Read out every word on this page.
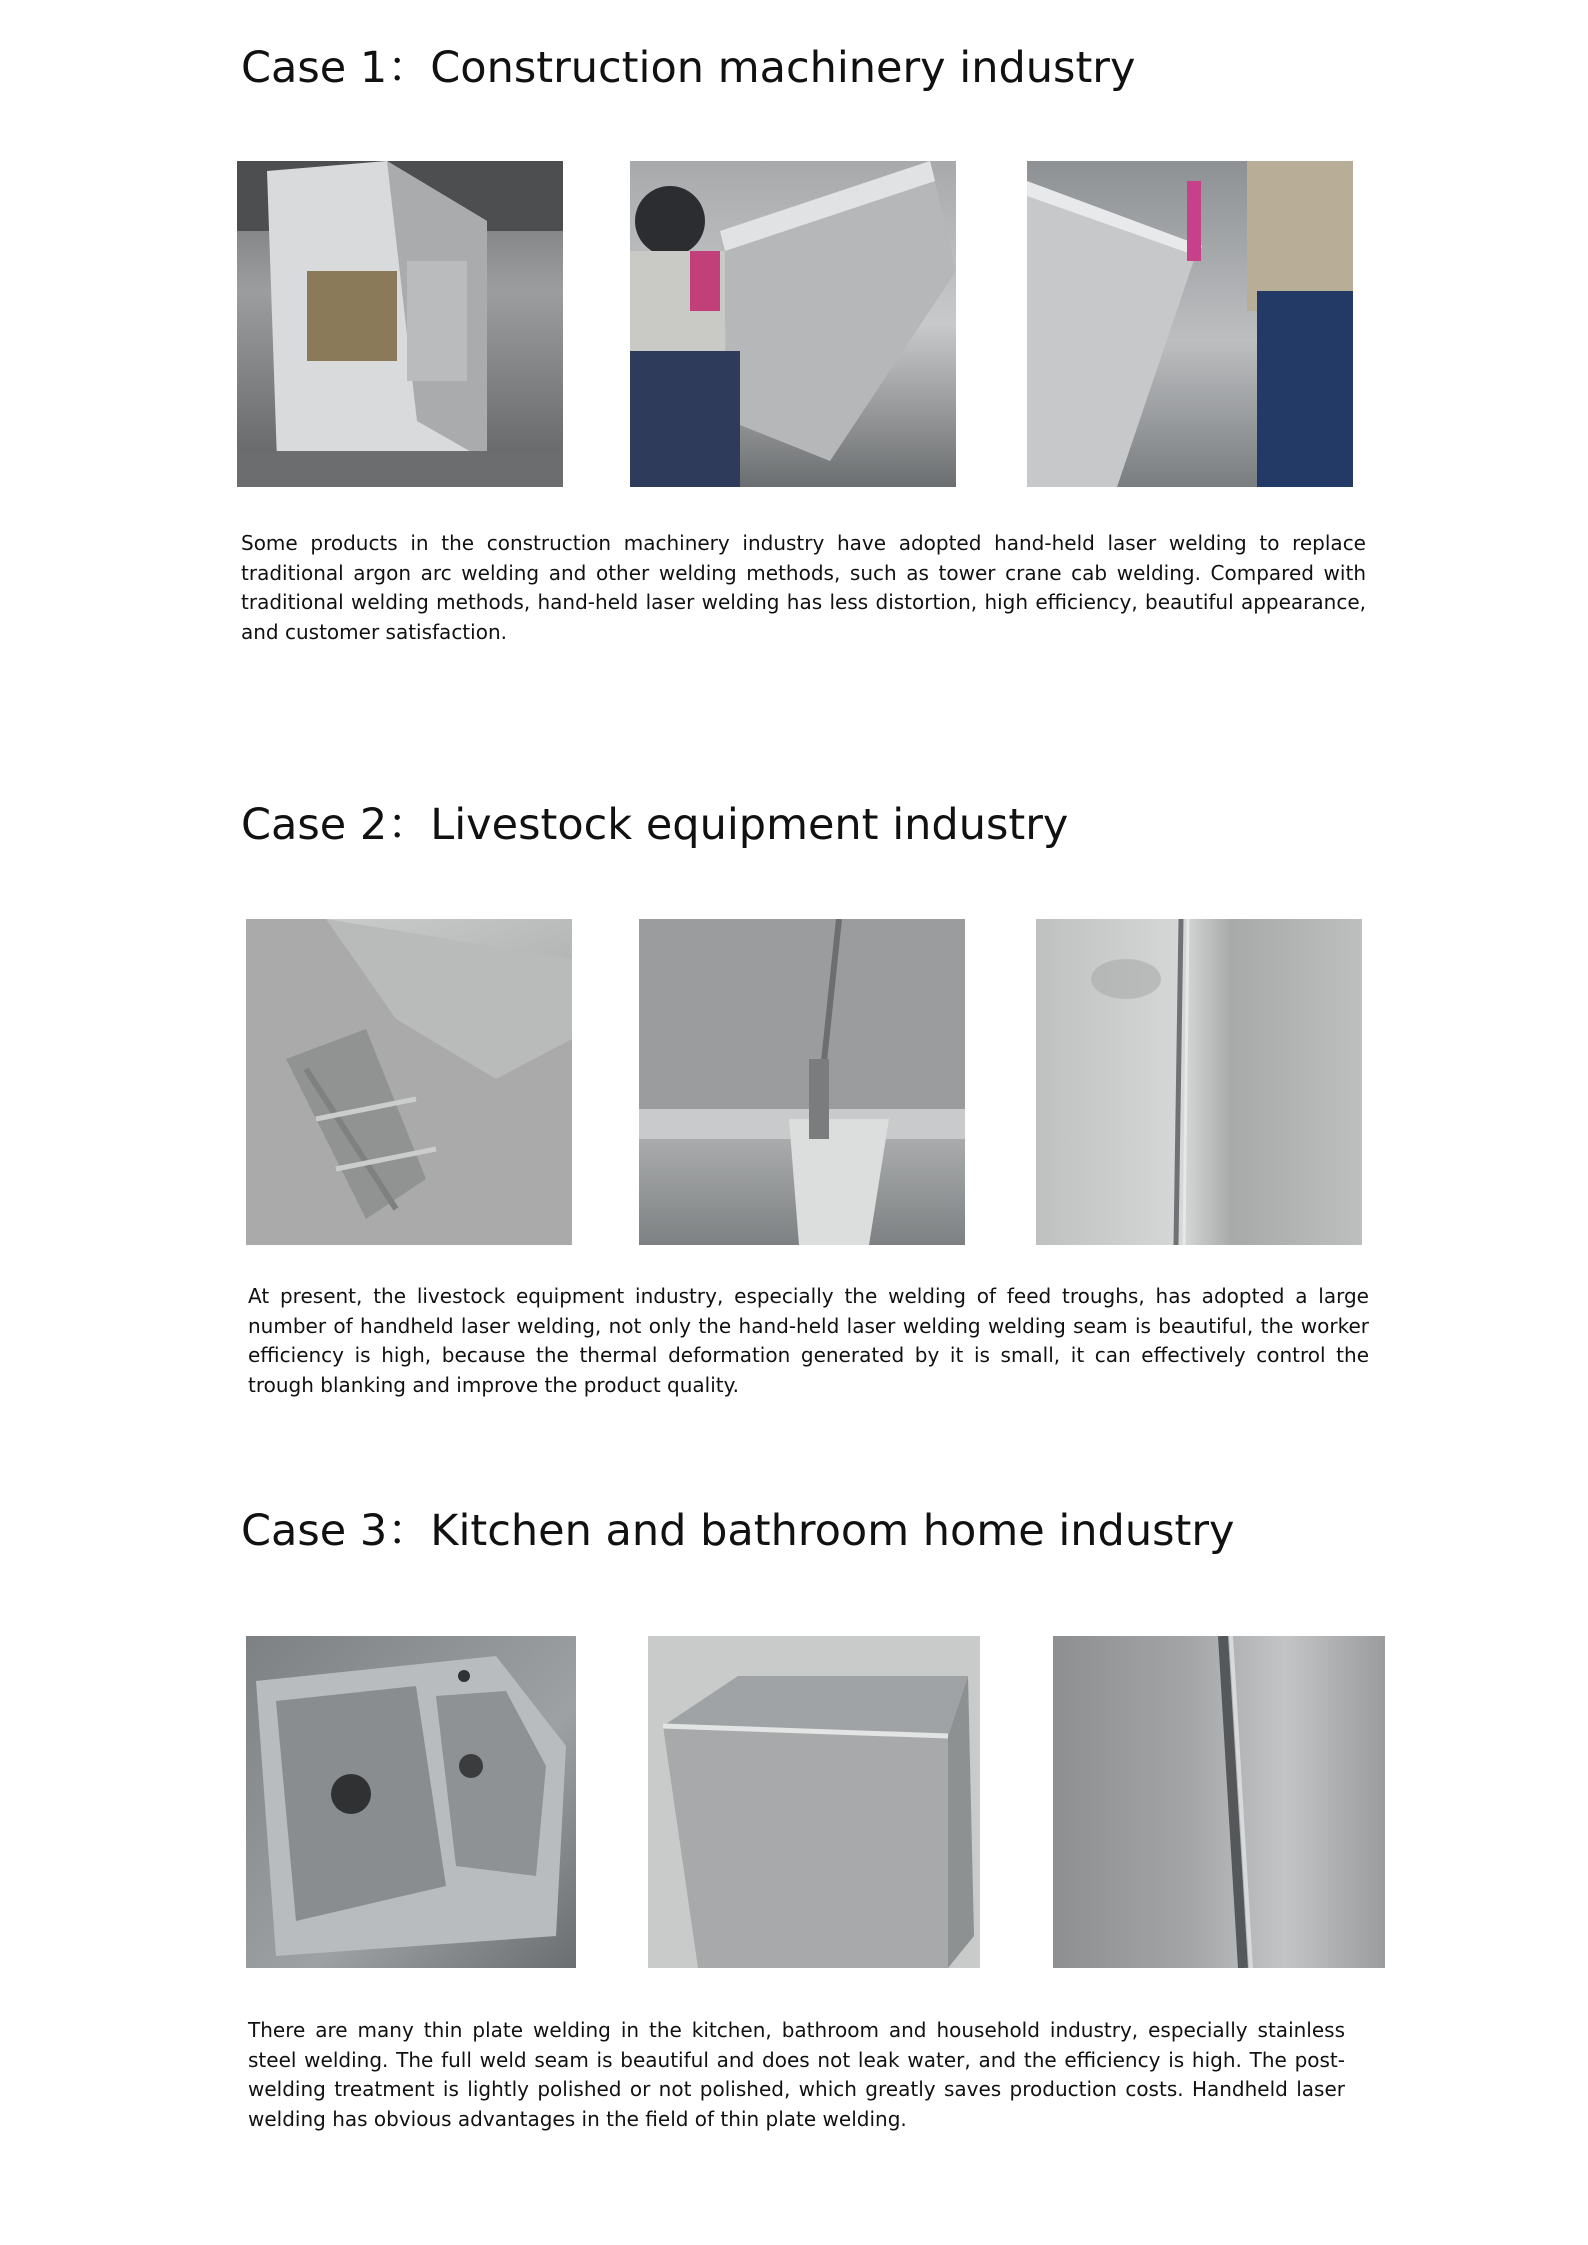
Case 1：Construction machinery industry

Some products in the construction machinery industry have adopted hand-held laser welding to replace traditional argon arc welding and other welding methods, such as tower crane cab welding. Compared with traditional welding methods, hand-held laser welding has less distortion, high efficiency, beautiful appearance, and customer satisfaction.

Case 2：Livestock equipment industry

At present, the livestock equipment industry, especially the welding of feed troughs, has adopted a large number of handheld laser welding, not only the hand-held laser welding welding seam is beautiful, the worker efficiency is high, because the thermal deformation generated by it is small, it can effectively control the trough blanking and improve the product quality.

Case 3：Kitchen and bathroom home industry

There are many thin plate welding in the kitchen, bathroom and household industry, especially stainless steel welding. The full weld seam is beautiful and does not leak water, and the efficiency is high. The post-welding treatment is lightly polished or not polished, which greatly saves production costs. Handheld laser welding has obvious advantages in the field of thin plate welding.
